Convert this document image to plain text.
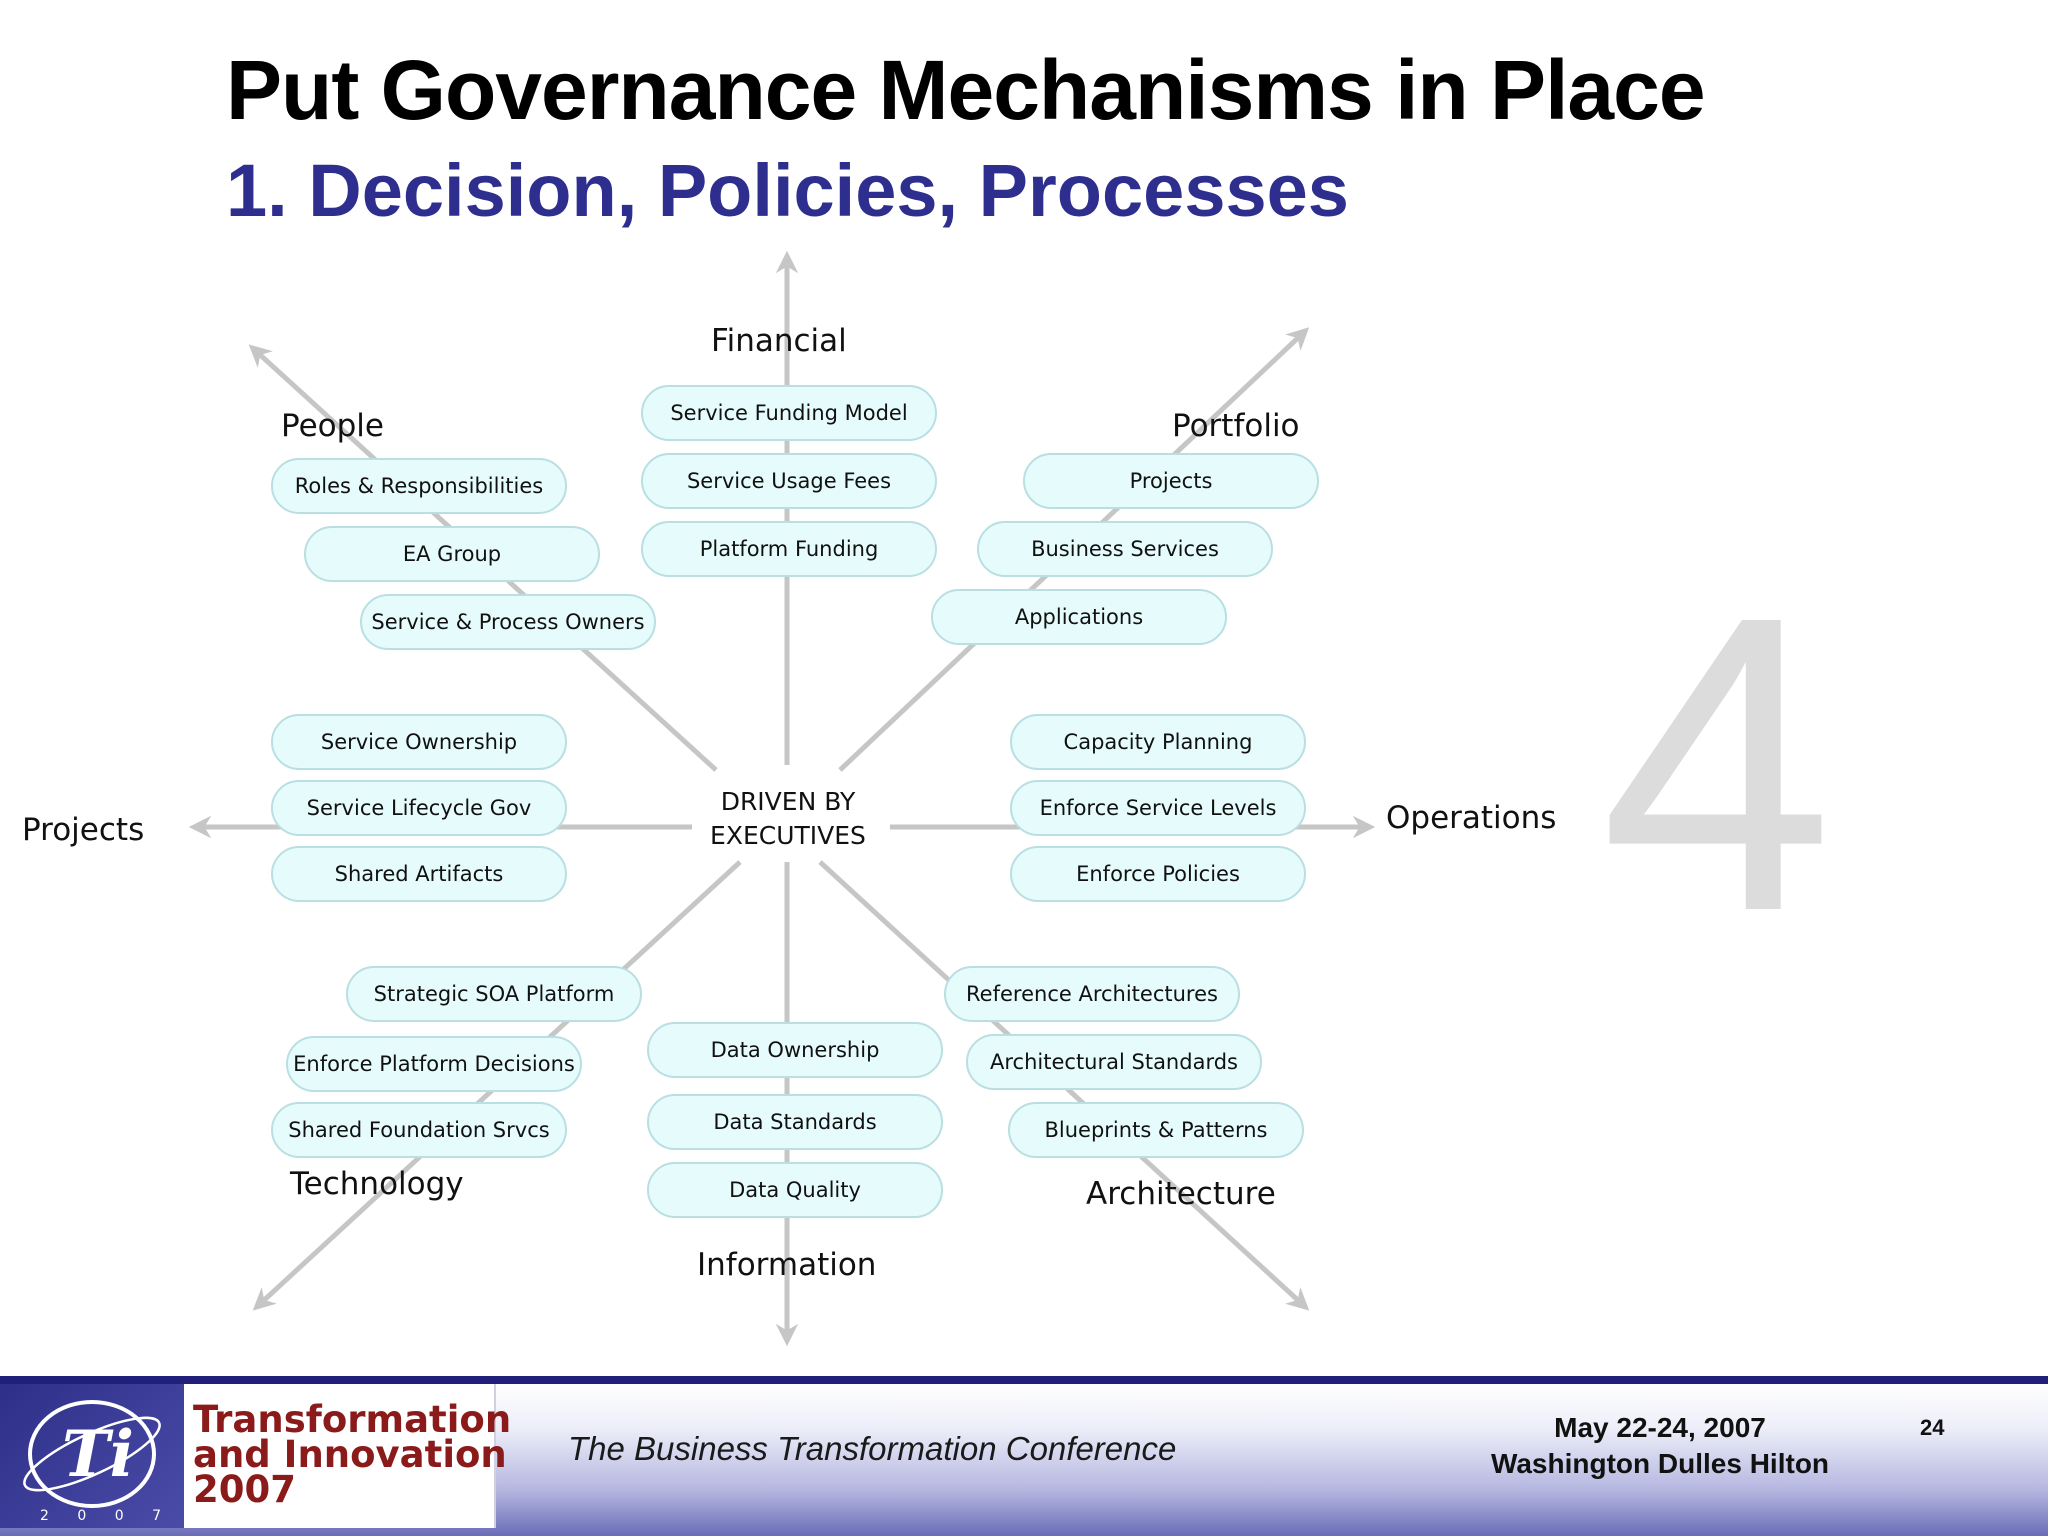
Put Governance Mechanisms in Place
1. Decision, Policies, Processes
4
Financial
People	Portfolio
Projects	Operations
Technology
Information
Architecture
DRIVEN BY
EXECUTIVES
Service Funding Model
Service Usage Fees
Platform Funding
Roles & Responsibilities
EA Group
Service & Process Owners
Projects
Business Services
Applications
Service Ownership
Service Lifecycle Gov
Shared Artifacts
Capacity Planning
Enforce Service Levels
Enforce Policies
Strategic SOA Platform
Enforce Platform Decisions
Shared Foundation Srvcs
Data Ownership
Data Standards
Data Quality
Reference Architectures
Architectural Standards
Blueprints & Patterns
Ti
2 0 0 7
Transformation
and Innovation
2007
The Business Transformation Conference
May 22-24, 2007
Washington Dulles Hilton
24
